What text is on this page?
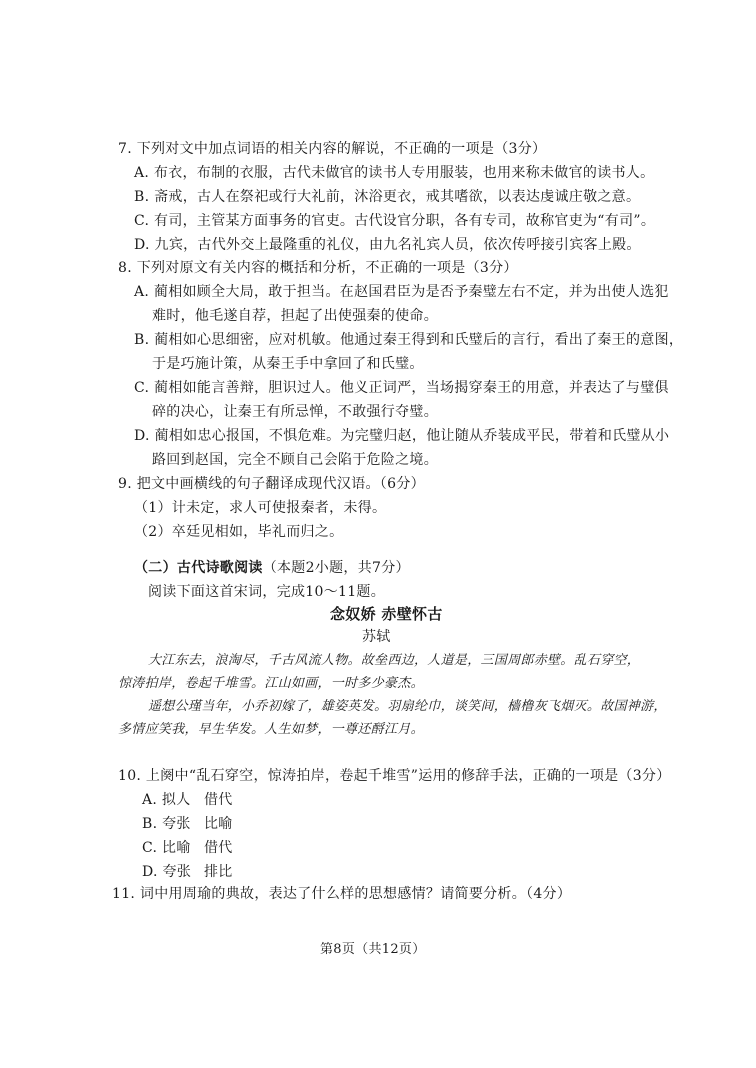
7. 下列对文中加点词语的相关内容的解说，不正确的一项是（3分）
A. 布衣，布制的衣服，古代未做官的读书人专用服装，也用来称未做官的读书人。
B. 斋戒，古人在祭祀或行大礼前，沐浴更衣，戒其嗜欲，以表达虔诚庄敬之意。
C. 有司，主管某方面事务的官吏。古代设官分职，各有专司，故称官吏为“有司”。
D. 九宾，古代外交上最隆重的礼仪，由九名礼宾人员，依次传呼接引宾客上殿。
8. 下列对原文有关内容的概括和分析，不正确的一项是（3分）
A. 蔺相如顾全大局，敢于担当。在赵国君臣为是否予秦璧左右不定，并为出使人选犯
难时，他毛遂自荐，担起了出使强秦的使命。
B. 蔺相如心思细密，应对机敏。他通过秦王得到和氏璧后的言行，看出了秦王的意图，
于是巧施计策，从秦王手中拿回了和氏璧。
C. 蔺相如能言善辩，胆识过人。他义正词严，当场揭穿秦王的用意，并表达了与璧俱
碎的决心，让秦王有所忌惮，不敢强行夺璧。
D. 蔺相如忠心报国，不惧危难。为完璧归赵，他让随从乔装成平民，带着和氏璧从小
路回到赵国，完全不顾自己会陷于危险之境。
9. 把文中画横线的句子翻译成现代汉语。（6分）
（1）计未定，求人可使报秦者，未得。
（2）卒廷见相如，毕礼而归之。
（二）古代诗歌阅读（本题2小题，共7分）
阅读下面这首宋词，完成10～11题。
念奴娇 赤壁怀古
苏轼
大江东去，浪淘尽，千古风流人物。故垒西边，人道是，三国周郎赤壁。乱石穿空，
惊涛拍岸，卷起千堆雪。江山如画，一时多少豪杰。
遥想公瑾当年，小乔初嫁了，雄姿英发。羽扇纶巾，谈笑间，樯橹灰飞烟灭。故国神游，
多情应笑我，早生华发。人生如梦，一尊还酹江月。
10. 上阕中“乱石穿空，惊涛拍岸，卷起千堆雪”运用的修辞手法，正确的一项是（3分）
A. 拟人 借代
B. 夸张 比喻
C. 比喻 借代
D. 夸张 排比
11. 词中用周瑜的典故，表达了什么样的思想感情？请简要分析。（4分）
第8页（共12页）
